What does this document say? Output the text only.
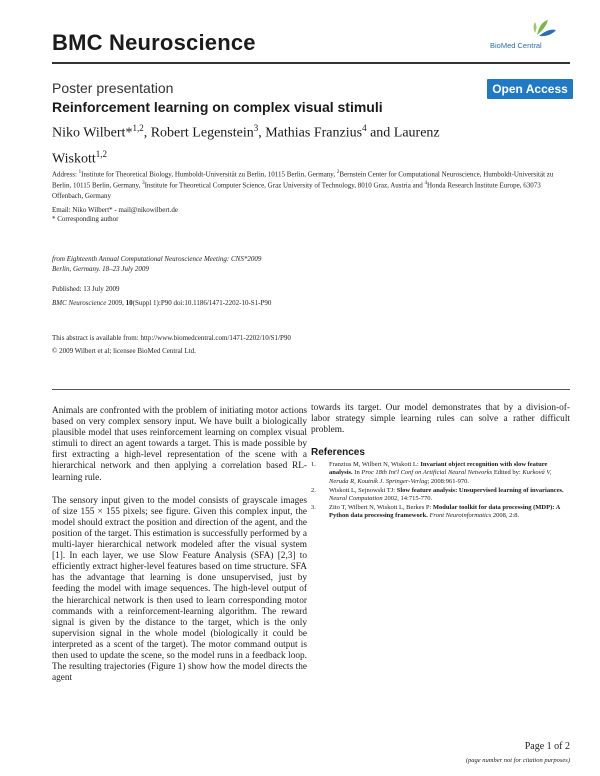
BMC Neuroscience	BioMed Central
Poster presentation	Open Access
Reinforcement learning on complex visual stimuli
Niko Wilbert*$^{1,2}$, Robert Legenstein$^3$, Mathias Franzius$^4$ and Laurenz Wiskott$^{1,2}$
Address: $^1$Institute for Theoretical Biology, Humboldt-Universität zu Berlin, 10115 Berlin, Germany, $^2$Bernstein Center for Computational Neuroscience, Humboldt-Universität zu Berlin, 10115 Berlin, Germany, $^3$Institute for Theoretical Computer Science, Graz University of Technology, 8010 Graz, Austria and $^4$Honda Research Institute Europe, 63073 Offenbach, Germany
Email: Niko Wilbert* - mail@nikowilbert.de
* Corresponding author
from Eighteenth Annual Computational Neuroscience Meeting: CNS*2009
Berlin, Germany. 18–23 July 2009
Published: 13 July 2009
BMC Neuroscience 2009, 10(Suppl 1):P90 doi:10.1186/1471-2202-10-S1-P90
This abstract is available from: http://www.biomedcentral.com/1471-2202/10/S1/P90
© 2009 Wilbert et al; licensee BioMed Central Ltd.

Animals are confronted with the problem of initiating motor actions based on very complex sensory input. We have built a biologically plausible model that uses reinforcement learning on complex visual stimuli to direct an agent towards a target. This is made possible by first extracting a high-level representation of the scene with a hierarchical network and then applying a correlation based RL-learning rule.

The sensory input given to the model consists of grayscale images of size 155 × 155 pixels; see figure. Given this complex input, the model should extract the position and direction of the agent, and the position of the target. This estimation is successfully performed by a multi-layer hierarchical network modeled after the visual system [1]. In each layer, we use Slow Feature Analysis (SFA) [2,3] to efficiently extract higher-level features based on time structure. SFA has the advantage that learning is done unsupervised, just by feeding the model with image sequences. The high-level output of the hierarchical network is then used to learn corresponding motor commands with a reinforcement-learning algorithm. The reward signal is given by the distance to the target, which is the only supervision signal in the whole model (biologically it could be interpreted as a scent of the target). The motor command output is then used to update the scene, so the model runs in a feedback loop. The resulting trajectories (Figure 1) show how the model directs the agent

towards its target. Our model demonstrates that by a division-of-labor strategy simple learning rules can solve a rather difficult problem.

References
1. Franzius M, Wilbert N, Wiskott L: Invariant object recognition with slow feature analysis. In Proc 18th Int'l Conf on Artificial Neural Networks Edited by: Kurková V, Neruda R, Koutník J. Springer-Verlag; 2008:961-970.
2. Wiskott L, Sejnowski TJ: Slow feature analysis: Unsupervised learning of invariances. Neural Computation 2002, 14:715-770.
3. Zito T, Wilbert N, Wiskott L, Berkes P: Modular toolkit for data processing (MDP): A Python data processing framework. Front Neuroinformatics 2008, 2:8.
Page 1 of 2
(page number not for citation purposes)
